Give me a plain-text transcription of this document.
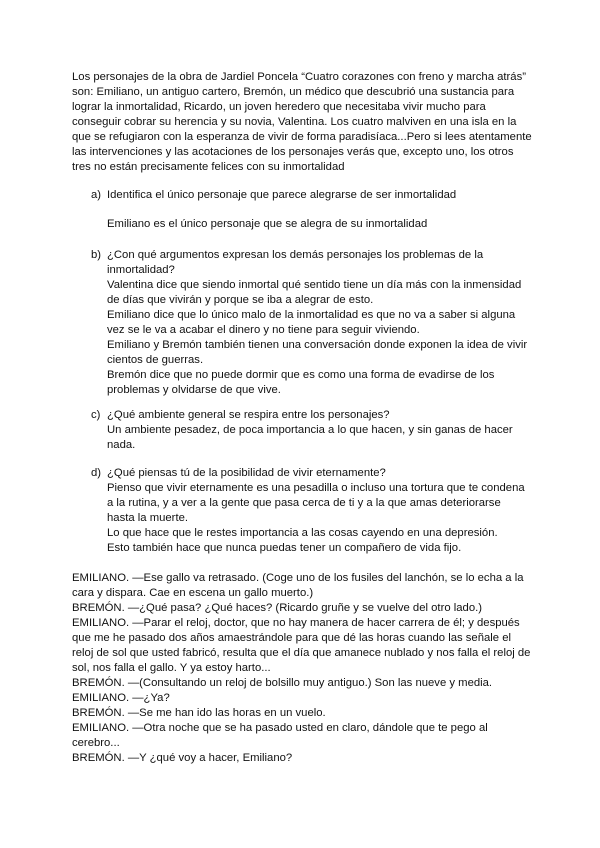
Los personajes de la obra de Jardiel Poncela “Cuatro corazones con freno y marcha atrás” son: Emiliano, un antiguo cartero, Bremón, un médico que descubrió una sustancia para lograr la inmortalidad, Ricardo, un joven heredero que necesitaba vivir mucho para conseguir cobrar su herencia y su novia, Valentina. Los cuatro malviven en una isla en la que se refugiaron con la esperanza de vivir de forma paradisíaca...Pero si lees atentamente las intervenciones y las acotaciones de los personajes verás que, excepto uno, los otros tres no están precisamente felices con su inmortalidad

a) Identifica el único personaje que parece alegrarse de ser inmortalidad
Emiliano es el único personaje que se alegra de su inmortalidad
b) ¿Con qué argumentos expresan los demás personajes los problemas de la inmortalidad?
Valentina dice que siendo inmortal qué sentido tiene un día más con la inmensidad de días que vivirán y porque se iba a alegrar de esto.
Emiliano dice que lo único malo de la inmortalidad es que no va a saber si alguna vez se le va a acabar el dinero y no tiene para seguir viviendo.
Emiliano y Bremón también tienen una conversación donde exponen la idea de vivir cientos de guerras.
Bremón dice que no puede dormir que es como una forma de evadirse de los problemas y olvidarse de que vive.
c) ¿Qué ambiente general se respira entre los personajes?
Un ambiente pesadez, de poca importancia a lo que hacen, y sin ganas de hacer nada.
d) ¿Qué piensas tú de la posibilidad de vivir eternamente?
Pienso que vivir eternamente es una pesadilla o incluso una tortura que te condena a la rutina, y a ver a la gente que pasa cerca de ti y a la que amas deteriorarse hasta la muerte.
Lo que hace que le restes importancia a las cosas cayendo en una depresión.
Esto también hace que nunca puedas tener un compañero de vida fijo.
EMILIANO. —Ese gallo va retrasado. (Coge uno de los fusiles del lanchón, se lo echa a la cara y dispara. Cae en escena un gallo muerto.)
BREMÓN. —¿Qué pasa? ¿Qué haces? (Ricardo gruñe y se vuelve del otro lado.)
EMILIANO. —Parar el reloj, doctor, que no hay manera de hacer carrera de él; y después que me he pasado dos años amaestrándole para que dé las horas cuando las señale el reloj de sol que usted fabricó, resulta que el día que amanece nublado y nos falla el reloj de sol, nos falla el gallo. Y ya estoy harto...
BREMÓN. —(Consultando un reloj de bolsillo muy antiguo.) Son las nueve y media.
EMILIANO. —¿Ya?
BREMÓN. —Se me han ido las horas en un vuelo.
EMILIANO. —Otra noche que se ha pasado usted en claro, dándole que te pego al cerebro...
BREMÓN. —Y ¿qué voy a hacer, Emiliano?
